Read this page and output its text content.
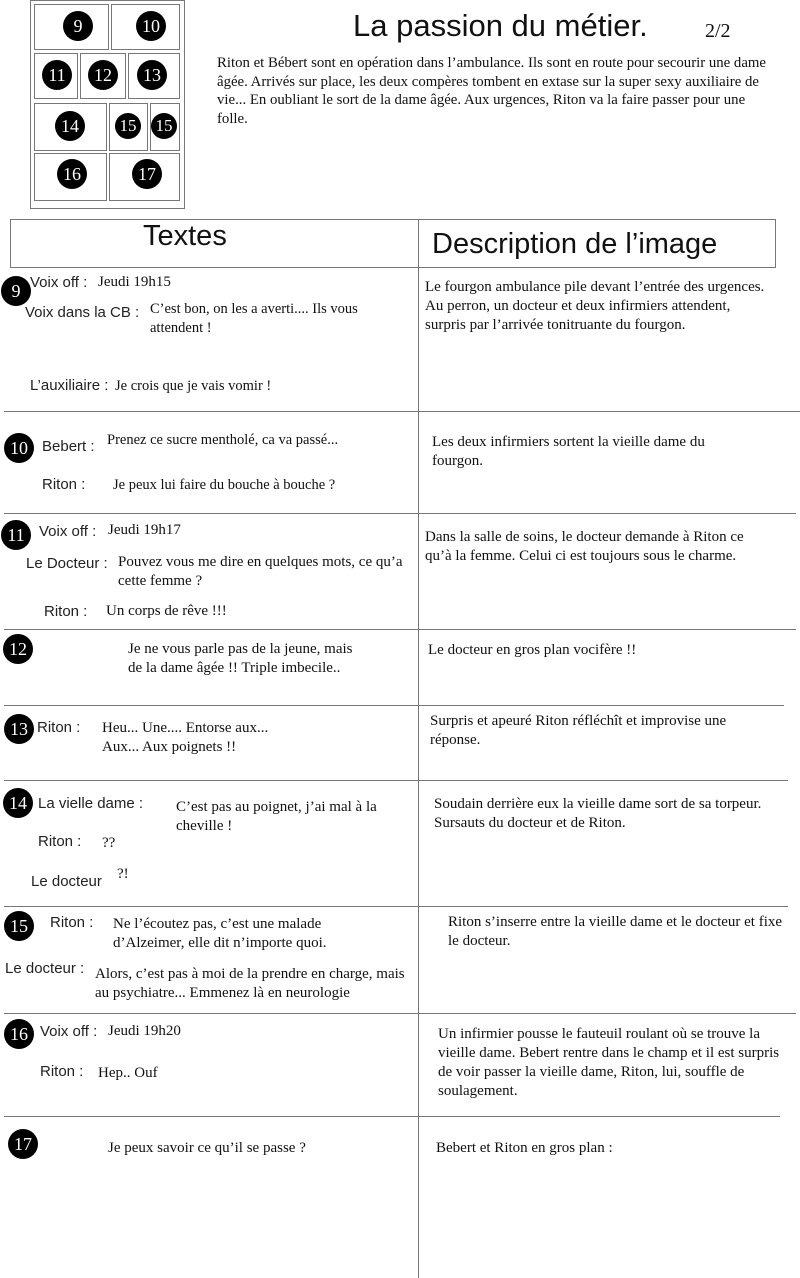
9	10
11	12	13
14	15 15
16	17
La passion du métier.	2/2
Riton et Bébert sont en opération dans l’ambulance. Ils sont en route pour secourir une dame âgée. Arrivés sur place, les deux compères tombent en extase sur la super sexy auxiliaire de vie... En oubliant le sort de la dame âgée. Aux urgences, Riton va la faire passer pour une folle.
Textes	Description de l’image
9 Voix off : Jeudi 19h15
Voix dans la CB : C’est bon, on les a averti.... Ils vous attendent !
L’auxiliaire : Je crois que je vais vomir !
Le fourgon ambulance pile devant l’entrée des urgences. Au perron, un docteur et deux infirmiers attendent, surpris par l’arrivée tonitruante du fourgon.
10 Bebert : Prenez ce sucre mentholé, ca va passé...
Riton : Je peux lui faire du bouche à bouche ?
Les deux infirmiers sortent la vieille dame du fourgon.
11 Voix off : Jeudi 19h17
Le Docteur : Pouvez vous me dire en quelques mots, ce qu’a cette femme ?
Riton : Un corps de rêve !!!
Dans la salle de soins, le docteur demande à Riton ce qu’à la femme. Celui ci est toujours sous le charme.
12	Je ne vous parle pas de la jeune, mais de la dame âgée !! Triple imbecile..
Le docteur en gros plan vocifère !!
13 Riton : Heu... Une.... Entorse aux... Aux... Aux poignets !!
Surpris et apeuré Riton réfléchît et improvise une réponse.
14 La vielle dame : C’est pas au poignet, j’ai mal à la cheville !
Riton : ??
Le docteur ?!
Soudain derrière eux la vieille dame sort de sa torpeur. Sursauts du docteur et de Riton.
15	Riton : Ne l’écoutez pas, c’est une malade d’Alzeimer, elle dit n’importe quoi.
Le docteur : Alors, c’est pas à moi de la prendre en charge, mais au psychiatre... Emmenez là en neurologie
Riton s’inserre entre la vieille dame et le docteur et fixe le docteur.
16 Voix off : Jeudi 19h20
Riton : Hep.. Ouf
Un infirmier pousse le fauteuil roulant où se trouve la vieille dame. Bebert rentre dans le champ et il est surpris de voir passer la vieille dame, Riton, lui, souffle de soulagement.
17	Je peux savoir ce qu’il se passe ?	Bebert et Riton en gros plan :
